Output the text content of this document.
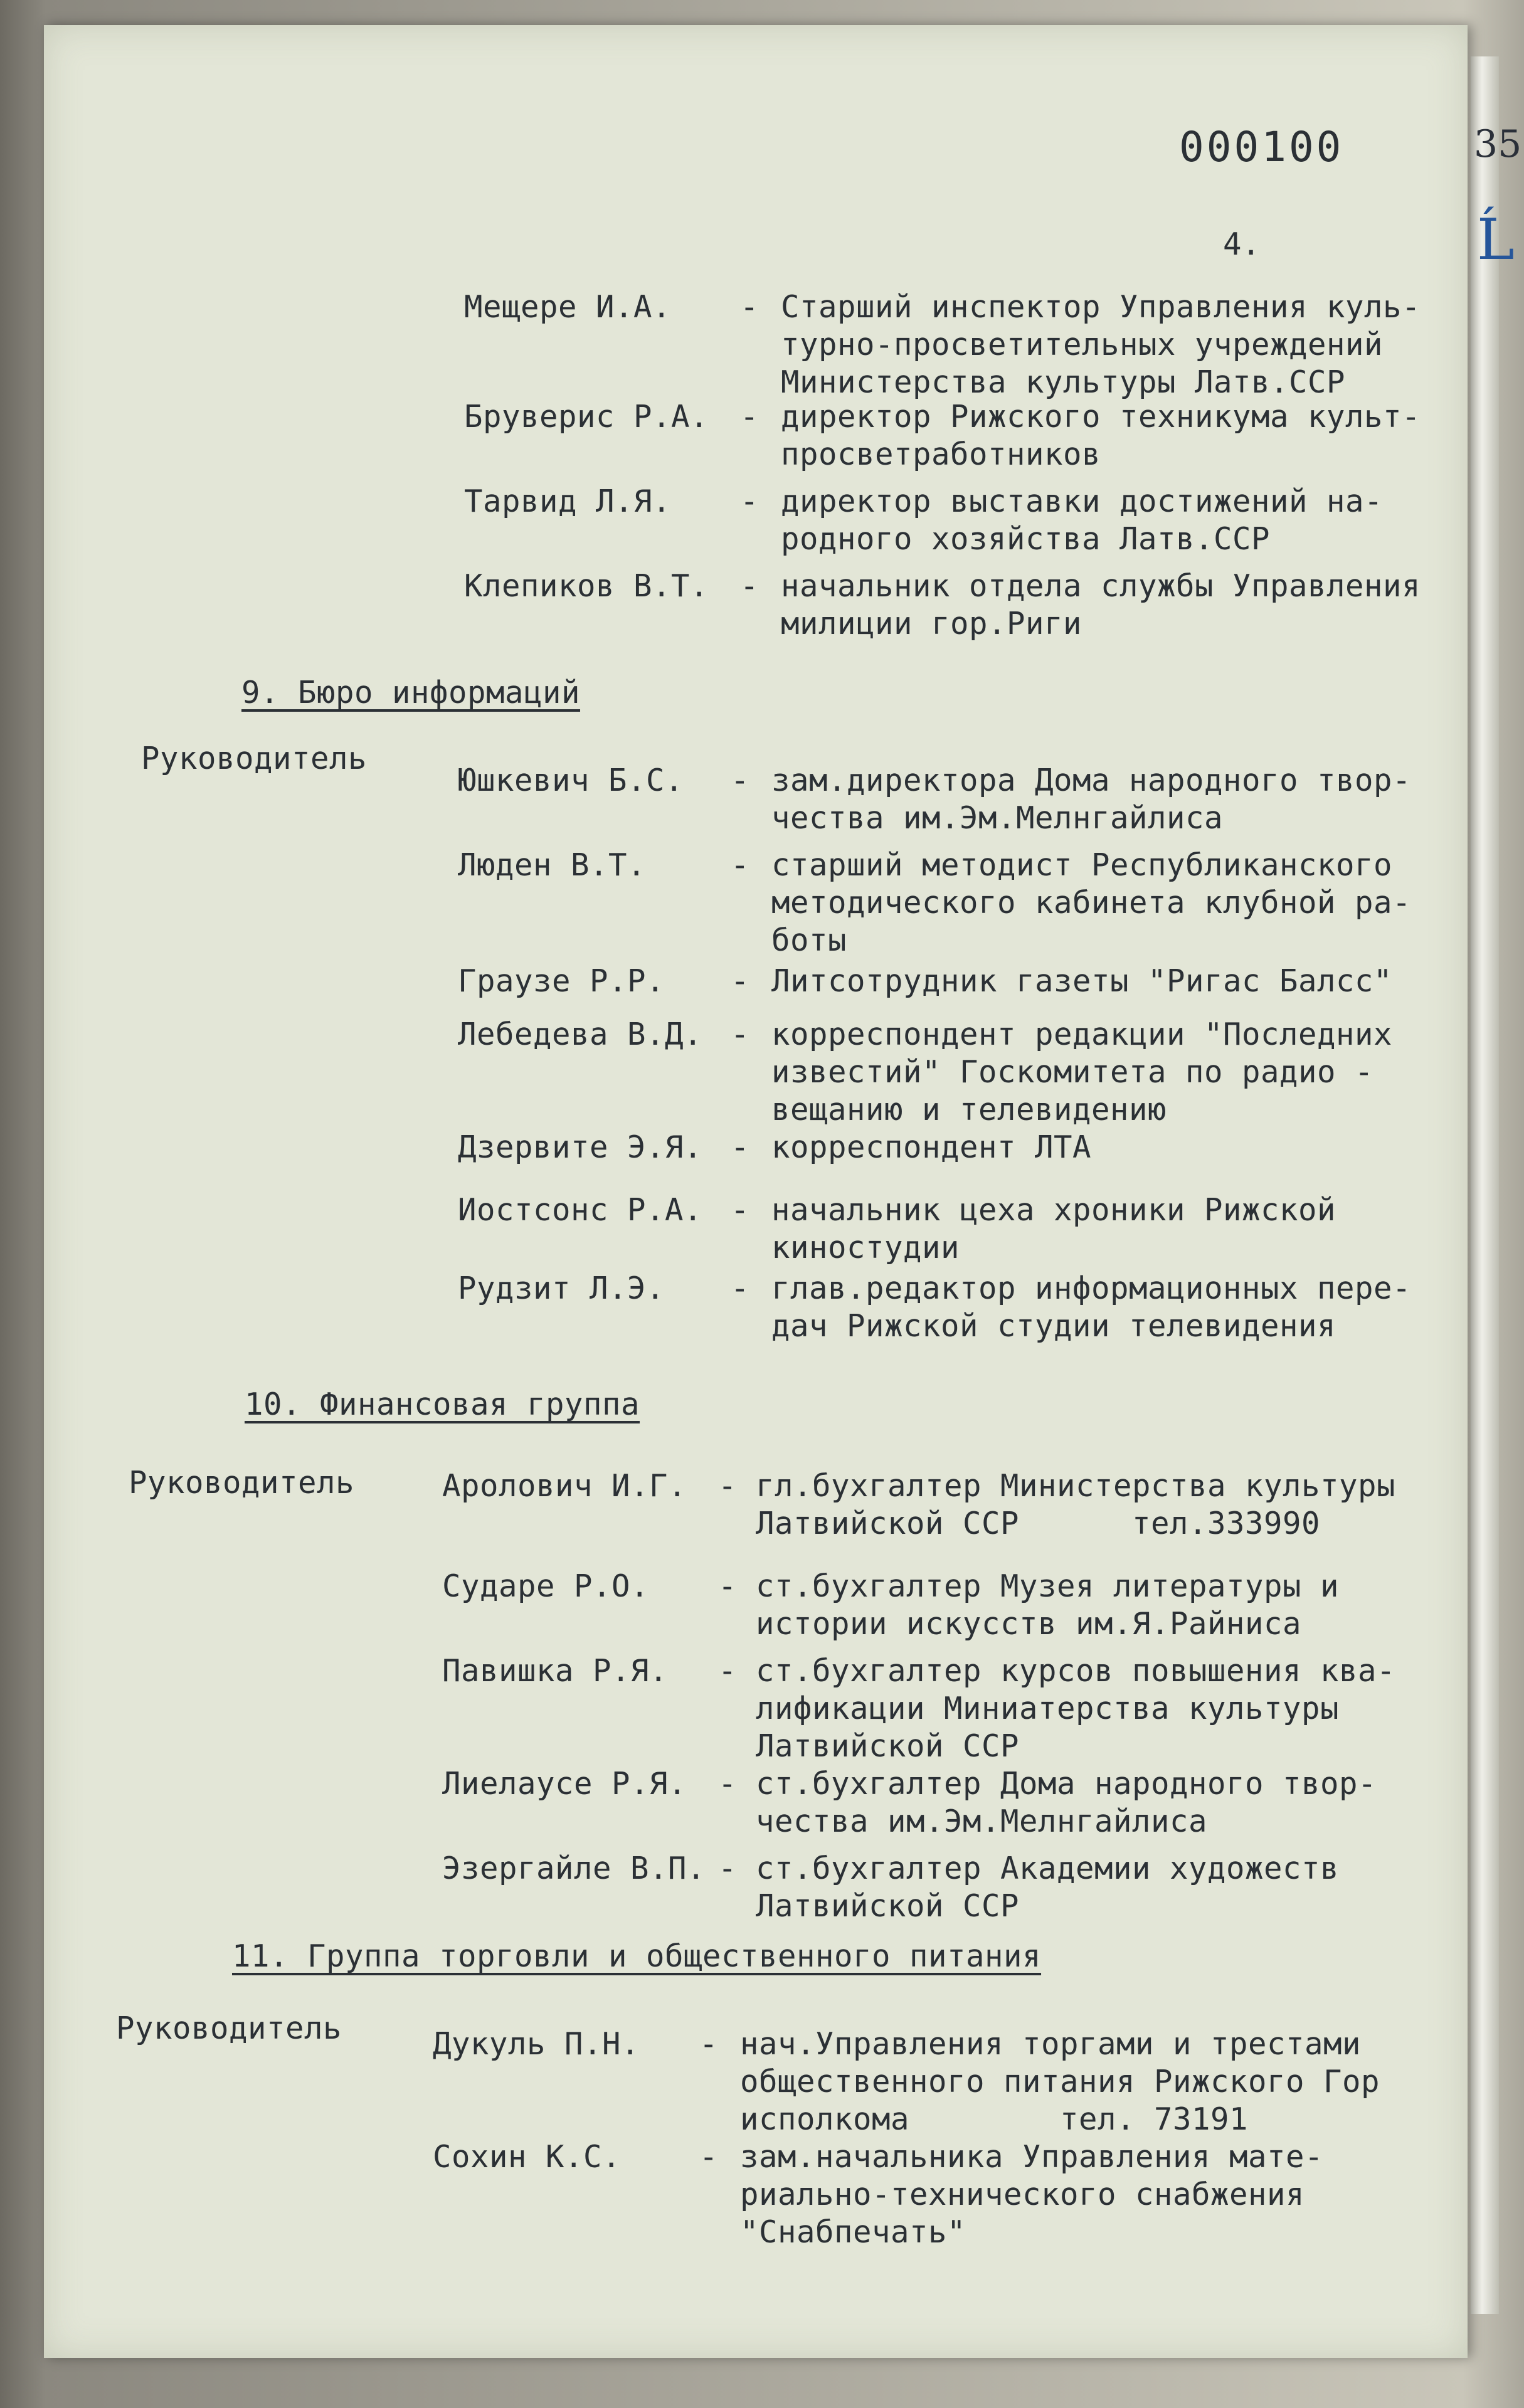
35
Ĺ
000100
4.
9. Бюро информаций
10. Финансовая группа
11. Группа торговли и общественного питания
Мещере И.А. - Старший инспектор Управления куль-
турно-просветительных учреждений
Министерства культуры Латв.ССР
Бруверис Р.А. - директор Рижского техникума культ-
просветработников
Тарвид Л.Я. - директор выставки достижений на-
родного хозяйства Латв.ССР
Клепиков В.Т. - начальник отдела службы Управления
милиции гор.Риги
Руководитель
Юшкевич Б.С. - зам.директора Дома народного твор-
чества им.Эм.Мелнгайлиса
Люден В.Т.	- старший методист Республиканского
методического кабинета клубной ра-
боты
Граузе Р.Р. - Литсотрудник газеты "Ригас Балсс"
Лебедева В.Д. - корреспондент редакции "Последних
известий" Госкомитета по радио -
вещанию и телевидению
Дзервите Э.Я. - корреспондент ЛТА
Иостсонс Р.А. - начальник цеха хроники Рижской
киностудии
Рудзит Л.Э. - глав.редактор информационных пере-
дач Рижской студии телевидения
Руководитель	Аролович И.Г. - гл.бухгалтер Министерства культуры
Латвийской ССР      тел.333990
Сударе Р.О. - ст.бухгалтер Музея литературы и
истории искусств им.Я.Райниса
Павишка Р.Я. - ст.бухгалтер курсов повышения ква-
лификации Миниатерства культуры
Латвийской ССР
Лиелаусе Р.Я. - ст.бухгалтер Дома народного твор-
чества им.Эм.Мелнгайлиса
Эзергайле В.П. - ст.бухгалтер Академии художеств
Латвийской ССР
Руководитель	Дукуль П.Н. - нач.Управления торгами и трестами
общественного питания Рижского Гор
исполкома        тел. 73191
Сохин К.С.	- зам.начальника Управления мате-
риально-технического снабжения
"Снабпечать"
